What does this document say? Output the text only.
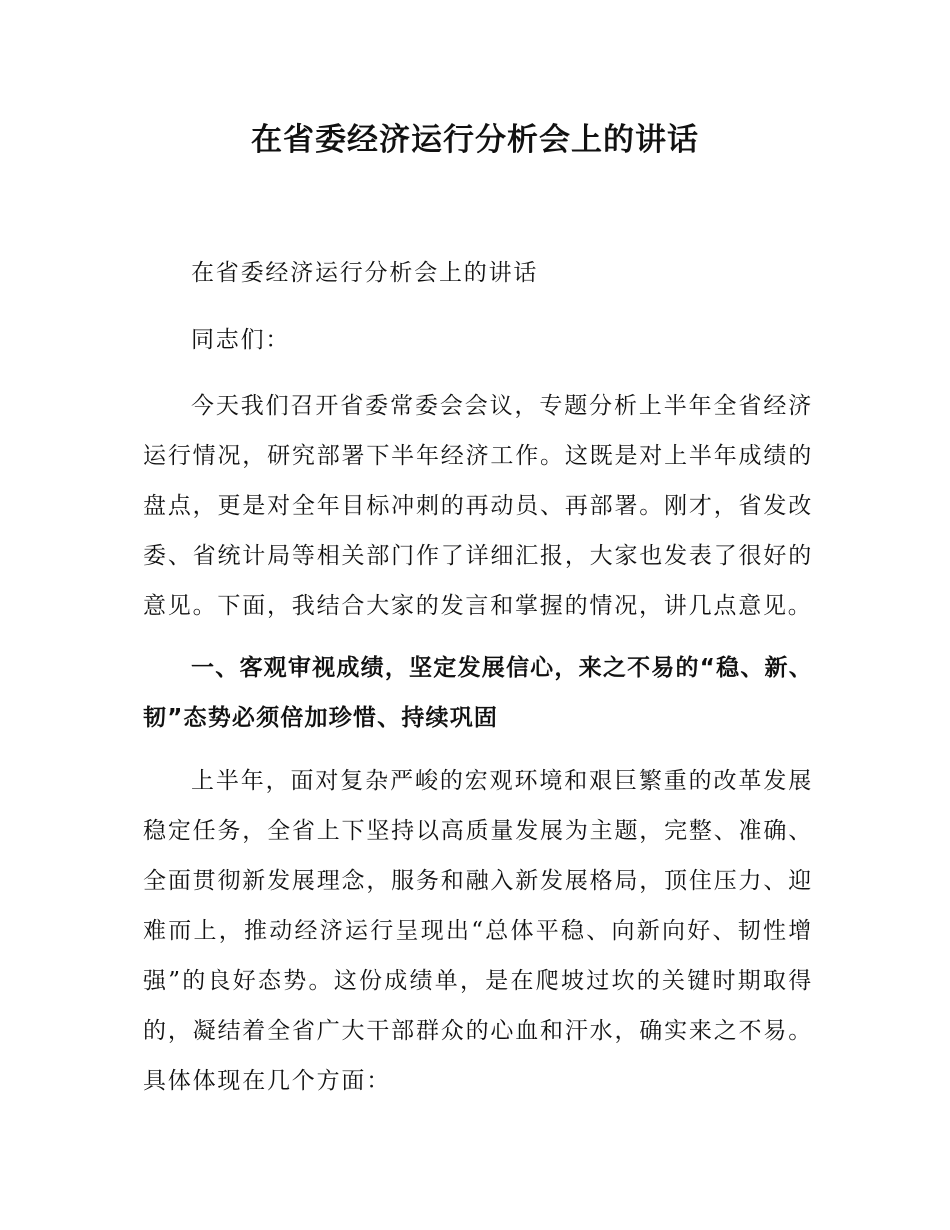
在省委经济运行分析会上的讲话

在省委经济运行分析会上的讲话

同志们：

今天我们召开省委常委会会议，专题分析上半年全省经济运行情况，研究部署下半年经济工作。这既是对上半年成绩的盘点，更是对全年目标冲刺的再动员、再部署。刚才，省发改委、省统计局等相关部门作了详细汇报，大家也发表了很好的意见。下面，我结合大家的发言和掌握的情况，讲几点意见。

一、客观审视成绩，坚定发展信心，来之不易的“稳、新、韧”态势必须倍加珍惜、持续巩固

上半年，面对复杂严峻的宏观环境和艰巨繁重的改革发展稳定任务，全省上下坚持以高质量发展为主题，完整、准确、全面贯彻新发展理念，服务和融入新发展格局，顶住压力、迎难而上，推动经济运行呈现出“总体平稳、向新向好、韧性增强”的良好态势。这份成绩单，是在爬坡过坎的关键时期取得的，凝结着全省广大干部群众的心血和汗水，确实来之不易。具体体现在几个方面：
